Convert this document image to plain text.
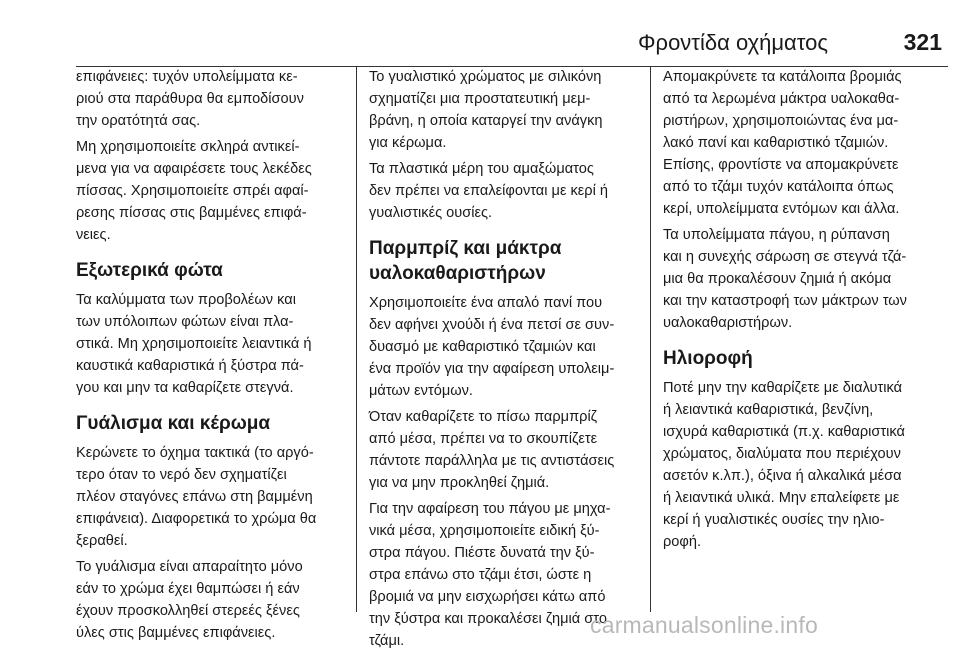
Φροντίδα οχήματος	321

επιφάνειες: τυχόν υπολείμματα κε-
ριού στα παράθυρα θα εμποδίσουν
την ορατότητά σας.

Μη χρησιμοποιείτε σκληρά αντικεί-
μενα για να αφαιρέσετε τους λεκέδες
πίσσας. Χρησιμοποιείτε σπρέι αφαί-
ρεσης πίσσας στις βαμμένες επιφά-
νειες.

Εξωτερικά φώτα

Τα καλύμματα των προβολέων και
των υπόλοιπων φώτων είναι πλα-
στικά. Μη χρησιμοποιείτε λειαντικά ή
καυστικά καθαριστικά ή ξύστρα πά-
γου και μην τα καθαρίζετε στεγνά.

Γυάλισμα και κέρωμα

Κερώνετε το όχημα τακτικά (το αργό-
τερο όταν το νερό δεν σχηματίζει
πλέον σταγόνες επάνω στη βαμμένη
επιφάνεια). Διαφορετικά το χρώμα θα
ξεραθεί.

Το γυάλισμα είναι απαραίτητο μόνο
εάν το χρώμα έχει θαμπώσει ή εάν
έχουν προσκολληθεί στερεές ξένες
ύλες στις βαμμένες επιφάνειες.

Το γυαλιστικό χρώματος με σιλικόνη
σχηματίζει μια προστατευτική μεμ-
βράνη, η οποία καταργεί την ανάγκη
για κέρωμα.

Τα πλαστικά μέρη του αμαξώματος
δεν πρέπει να επαλείφονται με κερί ή
γυαλιστικές ουσίες.

Παρμπρίζ και μάκτρα
υαλοκαθαριστήρων

Χρησιμοποιείτε ένα απαλό πανί που
δεν αφήνει χνούδι ή ένα πετσί σε συν-
δυασμό με καθαριστικό τζαμιών και
ένα προϊόν για την αφαίρεση υπολειμ-
μάτων εντόμων.

Όταν καθαρίζετε το πίσω παρμπρίζ
από μέσα, πρέπει να το σκουπίζετε
πάντοτε παράλληλα με τις αντιστάσεις
για να μην προκληθεί ζημιά.

Για την αφαίρεση του πάγου με μηχα-
νικά μέσα, χρησιμοποιείτε ειδική ξύ-
στρα πάγου. Πιέστε δυνατά την ξύ-
στρα επάνω στο τζάμι έτσι, ώστε η
βρομιά να μην εισχωρήσει κάτω από
την ξύστρα και προκαλέσει ζημιά στο
τζάμι.

Απομακρύνετε τα κατάλοιπα βρομιάς
από τα λερωμένα μάκτρα υαλοκαθα-
ριστήρων, χρησιμοποιώντας ένα μα-
λακό πανί και καθαριστικό τζαμιών.
Επίσης, φροντίστε να απομακρύνετε
από το τζάμι τυχόν κατάλοιπα όπως
κερί, υπολείμματα εντόμων και άλλα.

Τα υπολείμματα πάγου, η ρύπανση
και η συνεχής σάρωση σε στεγνά τζά-
μια θα προκαλέσουν ζημιά ή ακόμα
και την καταστροφή των μάκτρων των
υαλοκαθαριστήρων.

Ηλιοροφή

Ποτέ μην την καθαρίζετε με διαλυτικά
ή λειαντικά καθαριστικά, βενζίνη,
ισχυρά καθαριστικά (π.χ. καθαριστικά
χρώματος, διαλύματα που περιέχουν
ασετόν κ.λπ.), όξινα ή αλκαλικά μέσα
ή λειαντικά υλικά. Μην επαλείφετε με
κερί ή γυαλιστικές ουσίες την ηλιο-
ροφή.

carmanualsonline.info
